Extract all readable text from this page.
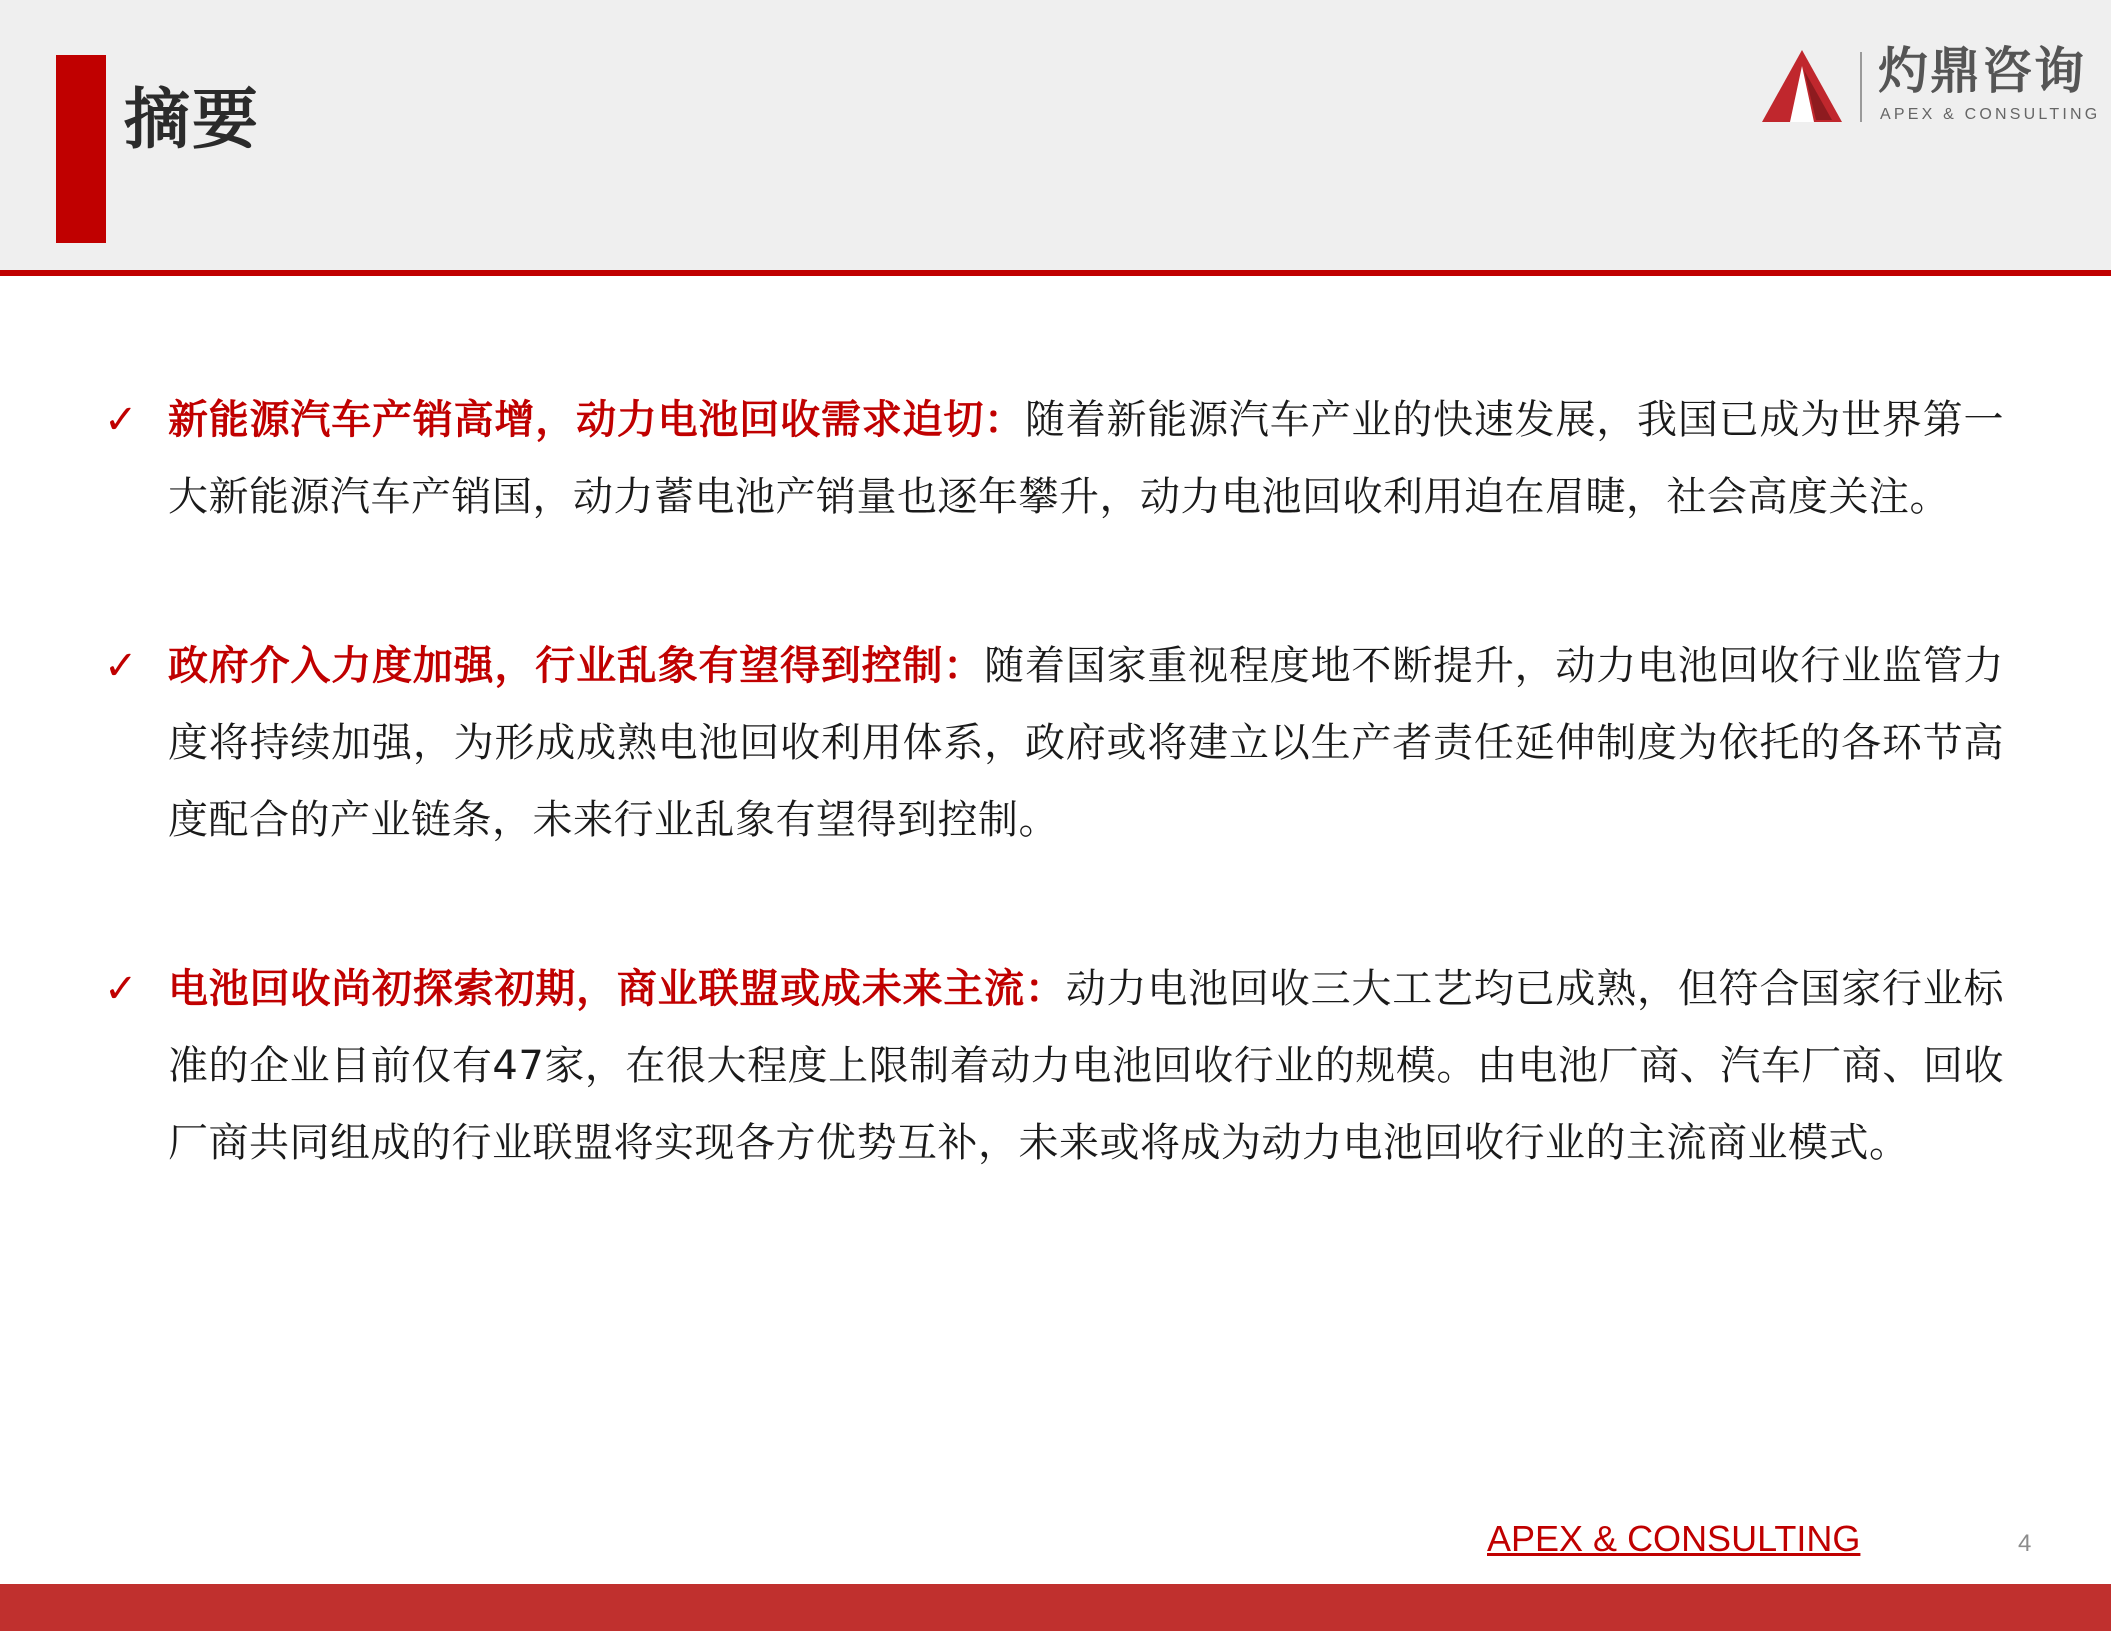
摘要
灼鼎咨询
APEX & CONSULTING
✓ 新能源汽车产销高增，动力电池回收需求迫切：随着新能源汽车产业的快速发展，我国已成为世界第一大新能源汽车产销国，动力蓄电池产销量也逐年攀升，动力电池回收利用迫在眉睫，社会高度关注。
✓ 政府介入力度加强，行业乱象有望得到控制：随着国家重视程度地不断提升，动力电池回收行业监管力度将持续加强，为形成成熟电池回收利用体系，政府或将建立以生产者责任延伸制度为依托的各环节高度配合的产业链条，未来行业乱象有望得到控制。
✓ 电池回收尚初探索初期，商业联盟或成未来主流：动力电池回收三大工艺均已成熟，但符合国家行业标准的企业目前仅有47家，在很大程度上限制着动力电池回收行业的规模。由电池厂商、汽车厂商、回收厂商共同组成的行业联盟将实现各方优势互补，未来或将成为动力电池回收行业的主流商业模式。
APEX & CONSULTING	4
